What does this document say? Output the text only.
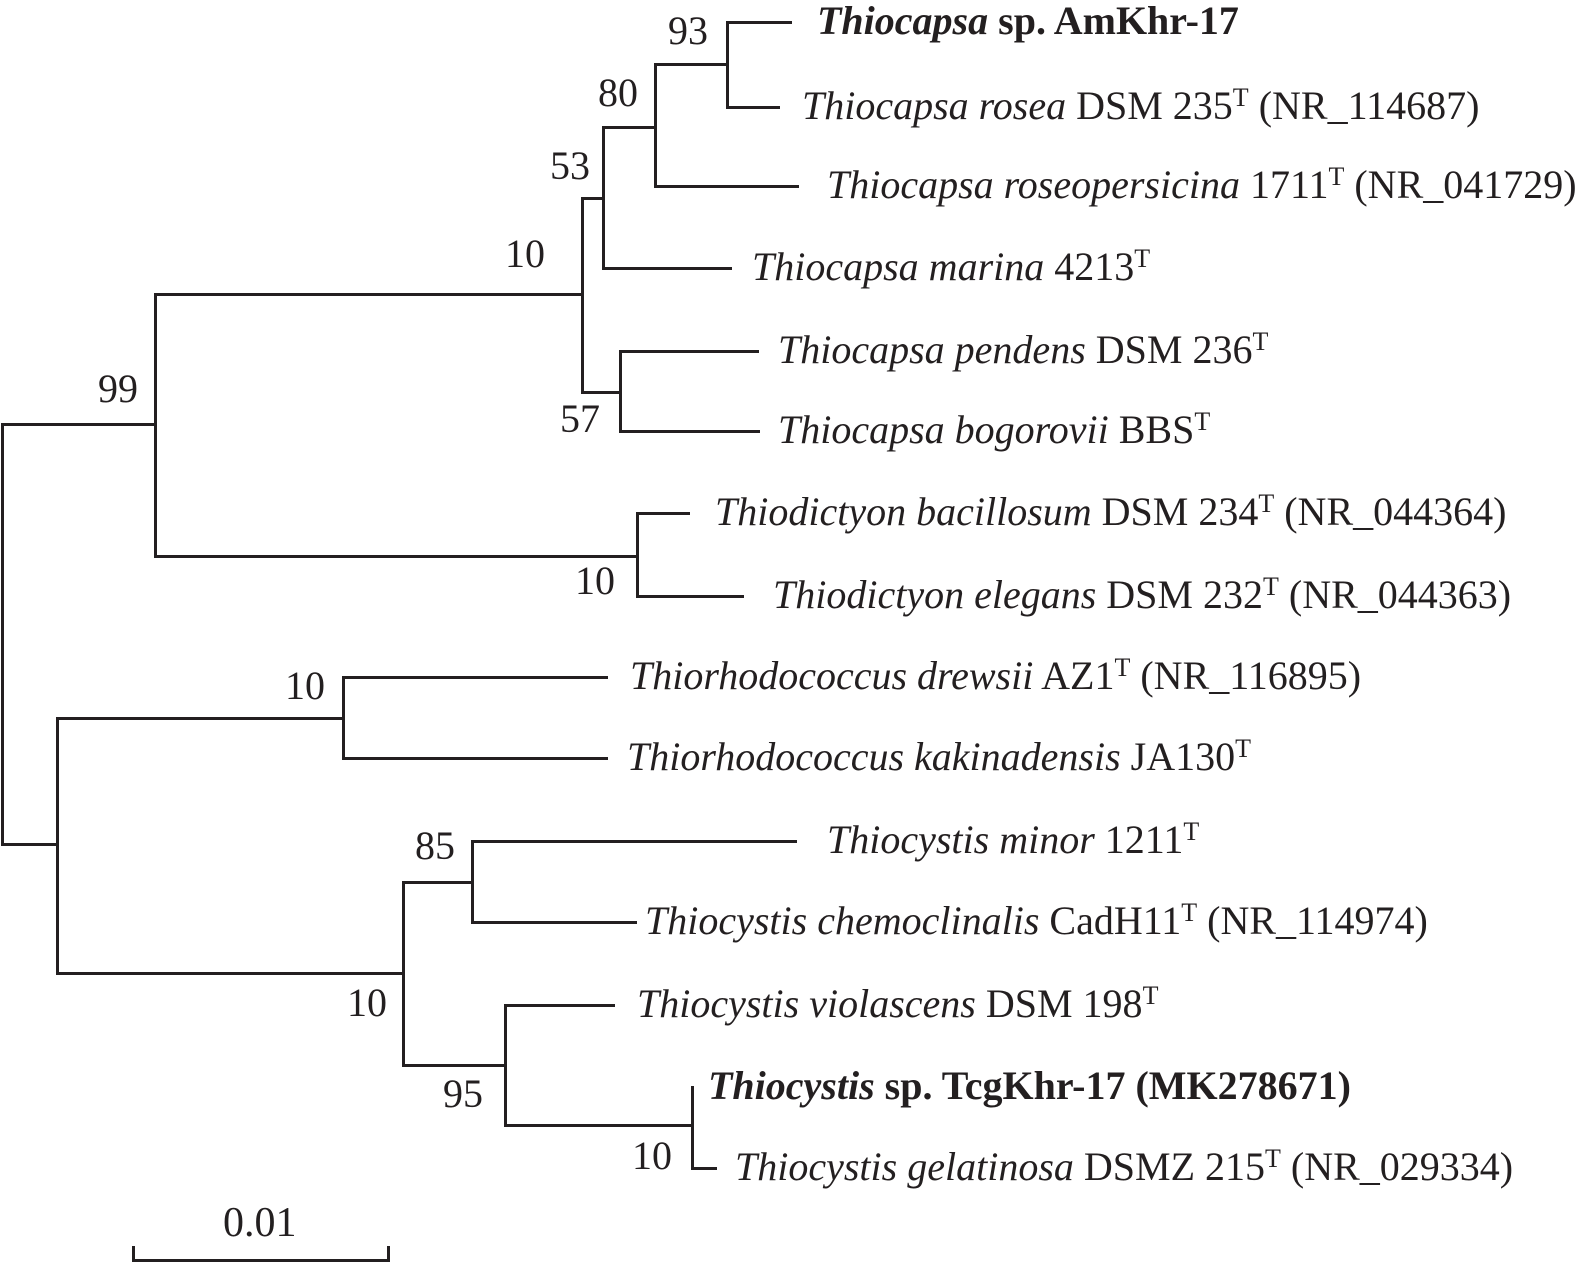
93
80
53
10
57
10
99
10
85
10
95
10
Thiocapsa sp. AmKhr-17
Thiocapsa rosea DSM $235^T$ (NR_114687)
Thiocapsa roseopersicina $1711^T$ (NR_041729)
Thiocapsa marina $4213^T$
Thiocapsa pendens DSM $236^T$
Thiocapsa bogorovii $BBS^T$
Thiodictyon bacillosum DSM $234^T$ (NR_044364)
Thiodictyon elegans DSM $232^T$ (NR_044363)
Thiorhodococcus drewsii $AZ1^T$ (NR_116895)
Thiorhodococcus kakinadensis $JA130^T$
Thiocystis minor $1211^T$
Thiocystis chemoclinalis $CadH11^T$ (NR_114974)
Thiocystis violascens DSM $198^T$
Thiocystis sp. TcgKhr-17 (MK278671)
Thiocystis gelatinosa DSMZ $215^T$ (NR_029334)
0.01
